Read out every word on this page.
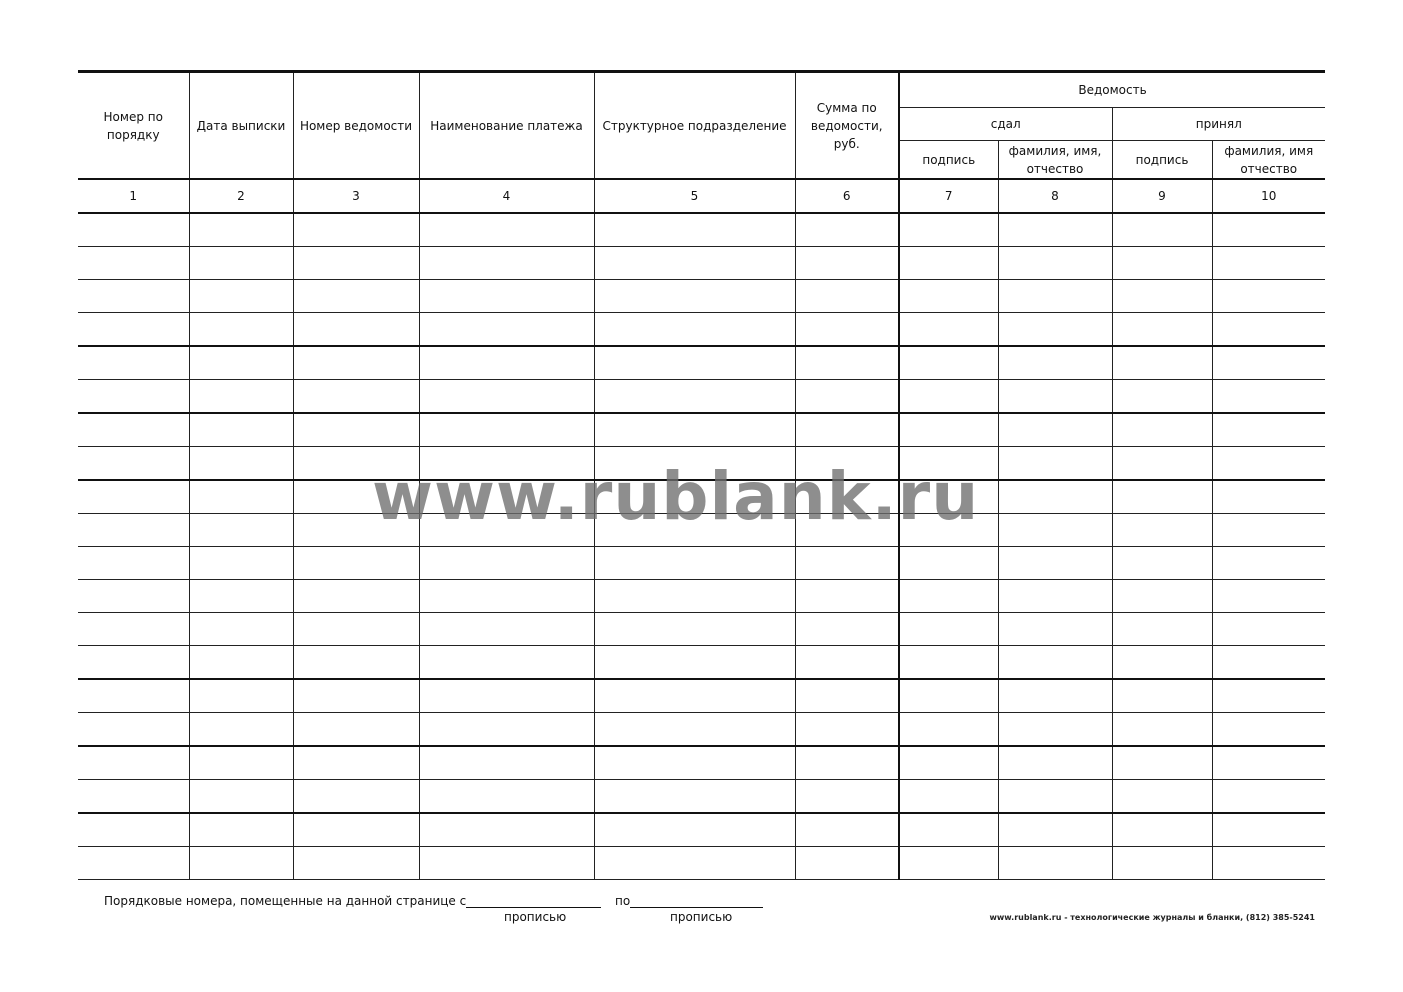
Номер по порядку	Дата выписки	Номер ведомости	Наименование платежа	Структурное подразделение	Сумма по ведомости, руб.	Ведомость			
						сдал		принял	
						подпись	фамилия, имя, отчество	подпись	фамилия, имя отчество
1	2	3	4	5	6	7	8	9	10

www.rublank.ru
Порядковые номера, помещенные на данной странице с	по
прописью	прописью	www.rublank.ru - технологические журналы и бланки, (812) 385-5241
